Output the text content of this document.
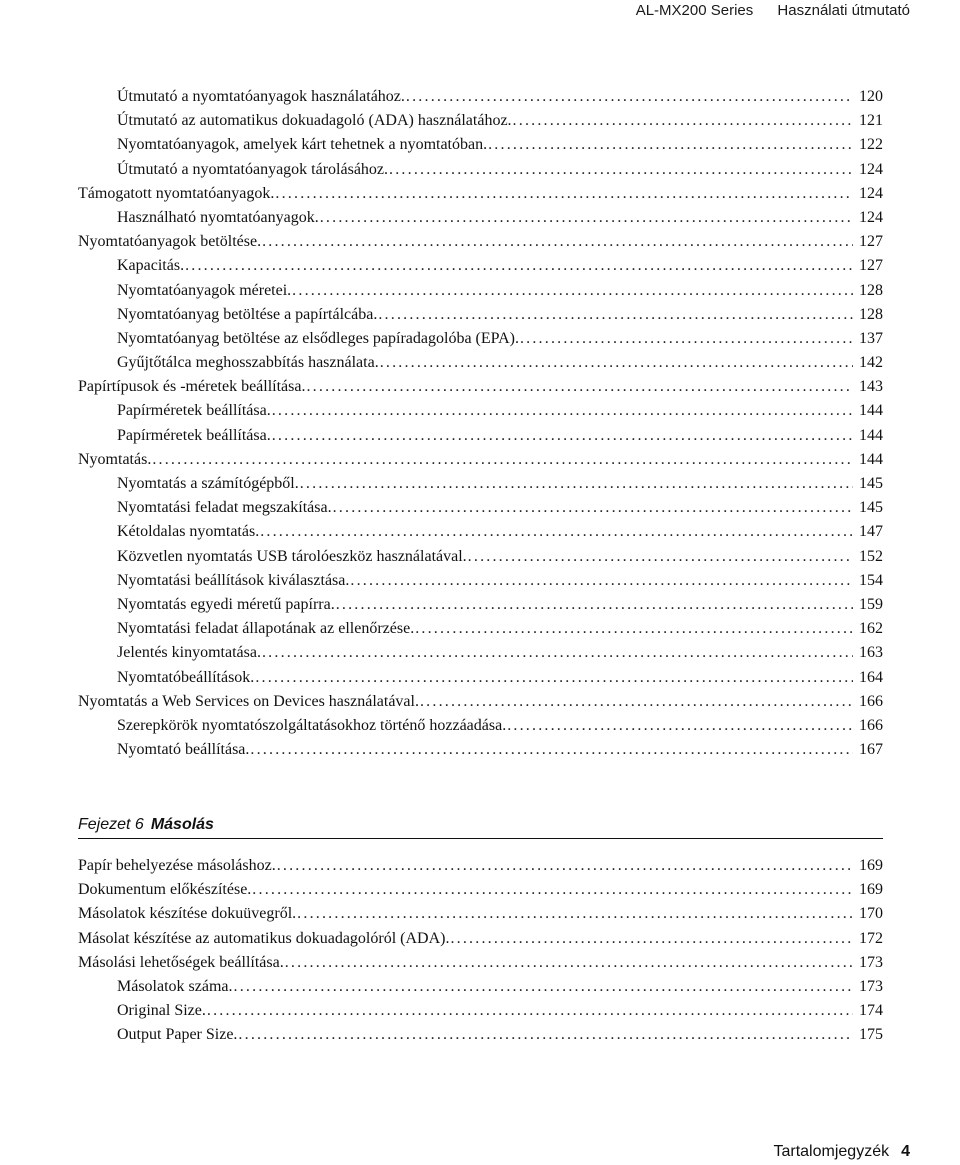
AL-MX200 Series Használati útmutató
Útmutató a nyomtatóanyagok használatához. .....	120
Útmutató az automatikus dokuadagoló (ADA) használatához. .....	121
Nyomtatóanyagok, amelyek kárt tehetnek a nyomtatóban. .....	122
Útmutató a nyomtatóanyagok tárolásához. .....	124
Támogatott nyomtatóanyagok. .....	124
Használható nyomtatóanyagok. .....	124
Nyomtatóanyagok betöltése. .....	127
Kapacitás. .....	127
Nyomtatóanyagok méretei. .....	128
Nyomtatóanyag betöltése a papírtálcába. .....	128
Nyomtatóanyag betöltése az elsődleges papíradagolóba (EPA). .....	137
Gyűjtőtálca meghosszabbítás használata. .....	142
Papírtípusok és -méretek beállítása. .....	143
Papírméretek beállítása. .....	144
Papírméretek beállítása. .....	144
Nyomtatás. .....	144
Nyomtatás a számítógépből. .....	145
Nyomtatási feladat megszakítása. .....	145
Kétoldalas nyomtatás. .....	147
Közvetlen nyomtatás USB tárolóeszköz használatával. .....	152
Nyomtatási beállítások kiválasztása. .....	154
Nyomtatás egyedi méretű papírra. .....	159
Nyomtatási feladat állapotának az ellenőrzése. .....	162
Jelentés kinyomtatása. .....	163
Nyomtatóbeállítások. .....	164
Nyomtatás a Web Services on Devices használatával. .....	166
Szerepkörök nyomtatószolgáltatásokhoz történő hozzáadása. .....	166
Nyomtató beállítása. .....	167
Fejezet 6 Másolás
Papír behelyezése másoláshoz. .....	169
Dokumentum előkészítése. .....	169
Másolatok készítése dokuüvegről. .....	170
Másolat készítése az automatikus dokuadagolóról (ADA). .....	172
Másolási lehetőségek beállítása. .....	173
Másolatok száma. .....	173
Original Size. .....	174
Output Paper Size. .....	175
Tartalomjegyzék 4
